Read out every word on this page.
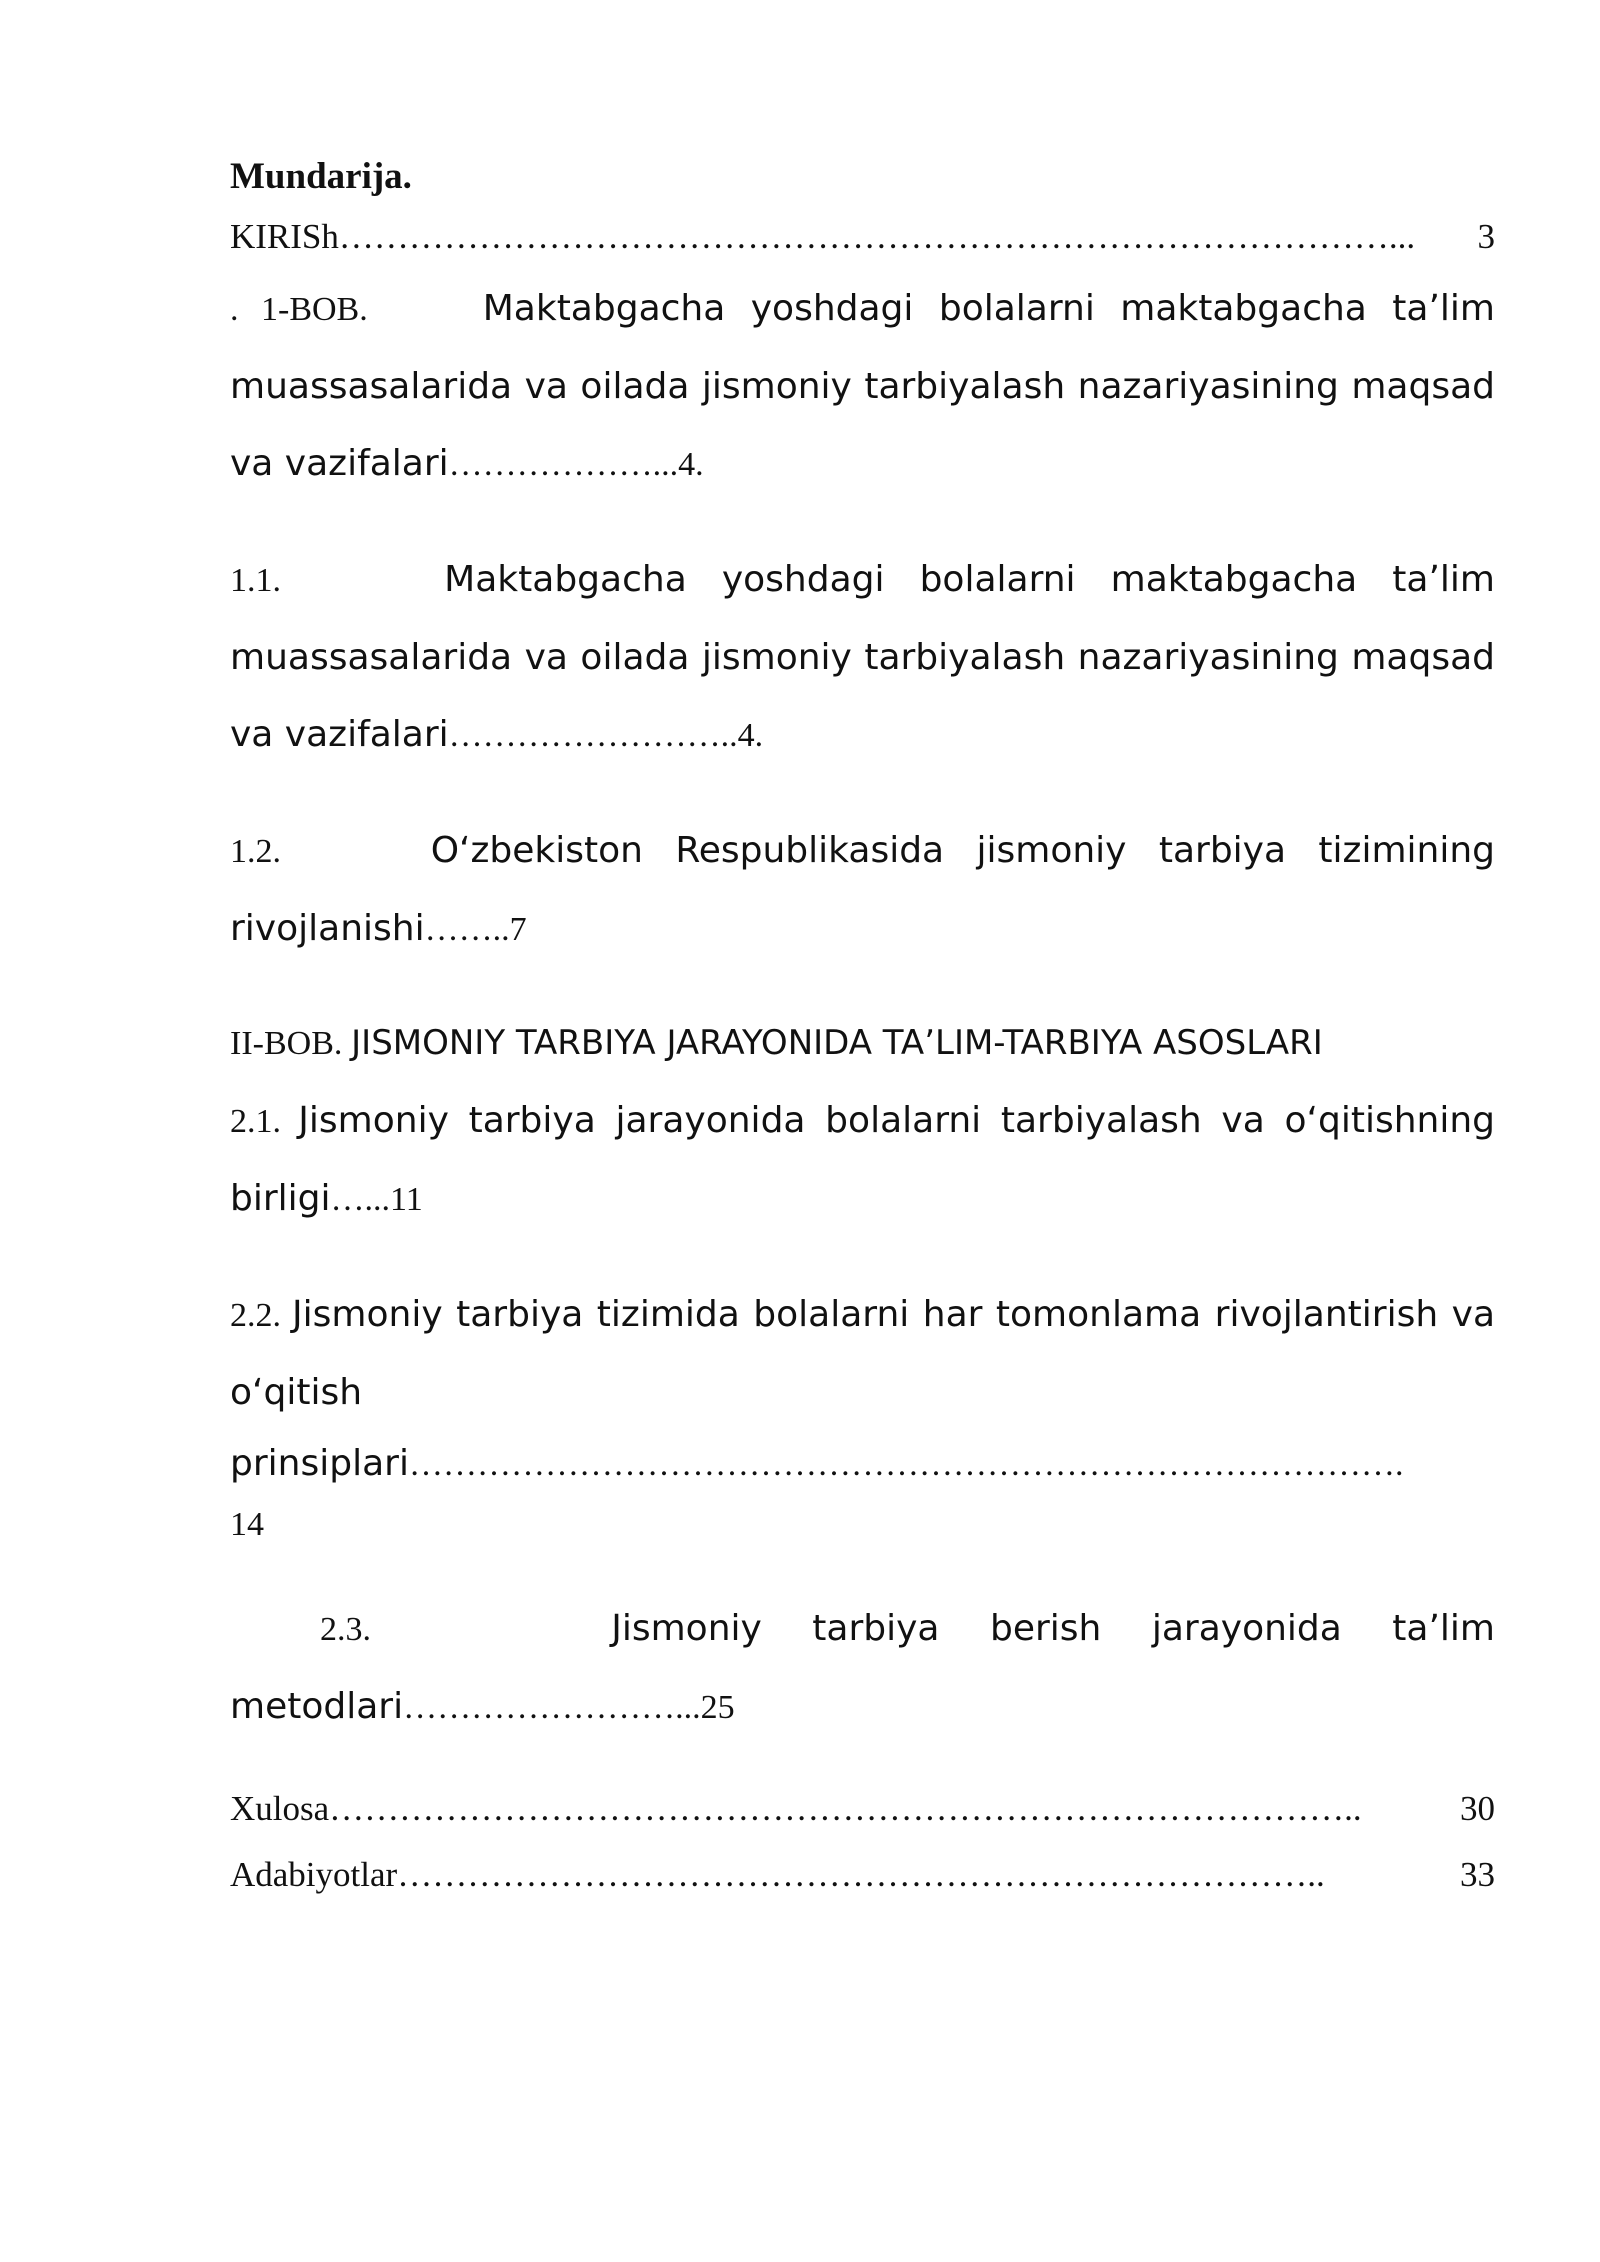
Mundarija.

KIRISh ………………………………………………………………………………...	3
. 1-BOB.	Maktabgacha yoshdagi bolalarni maktabgacha ta’lim muassasalarida va oilada jismoniy tarbiyalash nazariyasining maqsad va vazifalari………………...4.
1.1.	Maktabgacha yoshdagi bolalarni maktabgacha ta’lim muassasalarida va oilada jismoniy tarbiyalash nazariyasining maqsad va vazifalari……………………..4.
1.2.	O‘zbekiston Respublikasida jismoniy tarbiya tizimining rivojlanishi……..7
II-BOB. JISMONIY TARBIYA JARAYONIDA TA’LIM-TARBIYA ASOSLARI
2.1. Jismoniy tarbiya jarayonida bolalarni tarbiyalash va o‘qitishning birligi…...11
2.2. Jismoniy tarbiya tizimida bolalarni har tomonlama rivojlantirish va o‘qitish
prinsiplari…………………………………………………………………………….
14
2.3.	Jismoniy tarbiya berish jarayonida ta’lim metodlari……………………...25
Xulosa ……………………………………………………………………………..	30
Adabiyotlar ……………………………………………………………………..	33
